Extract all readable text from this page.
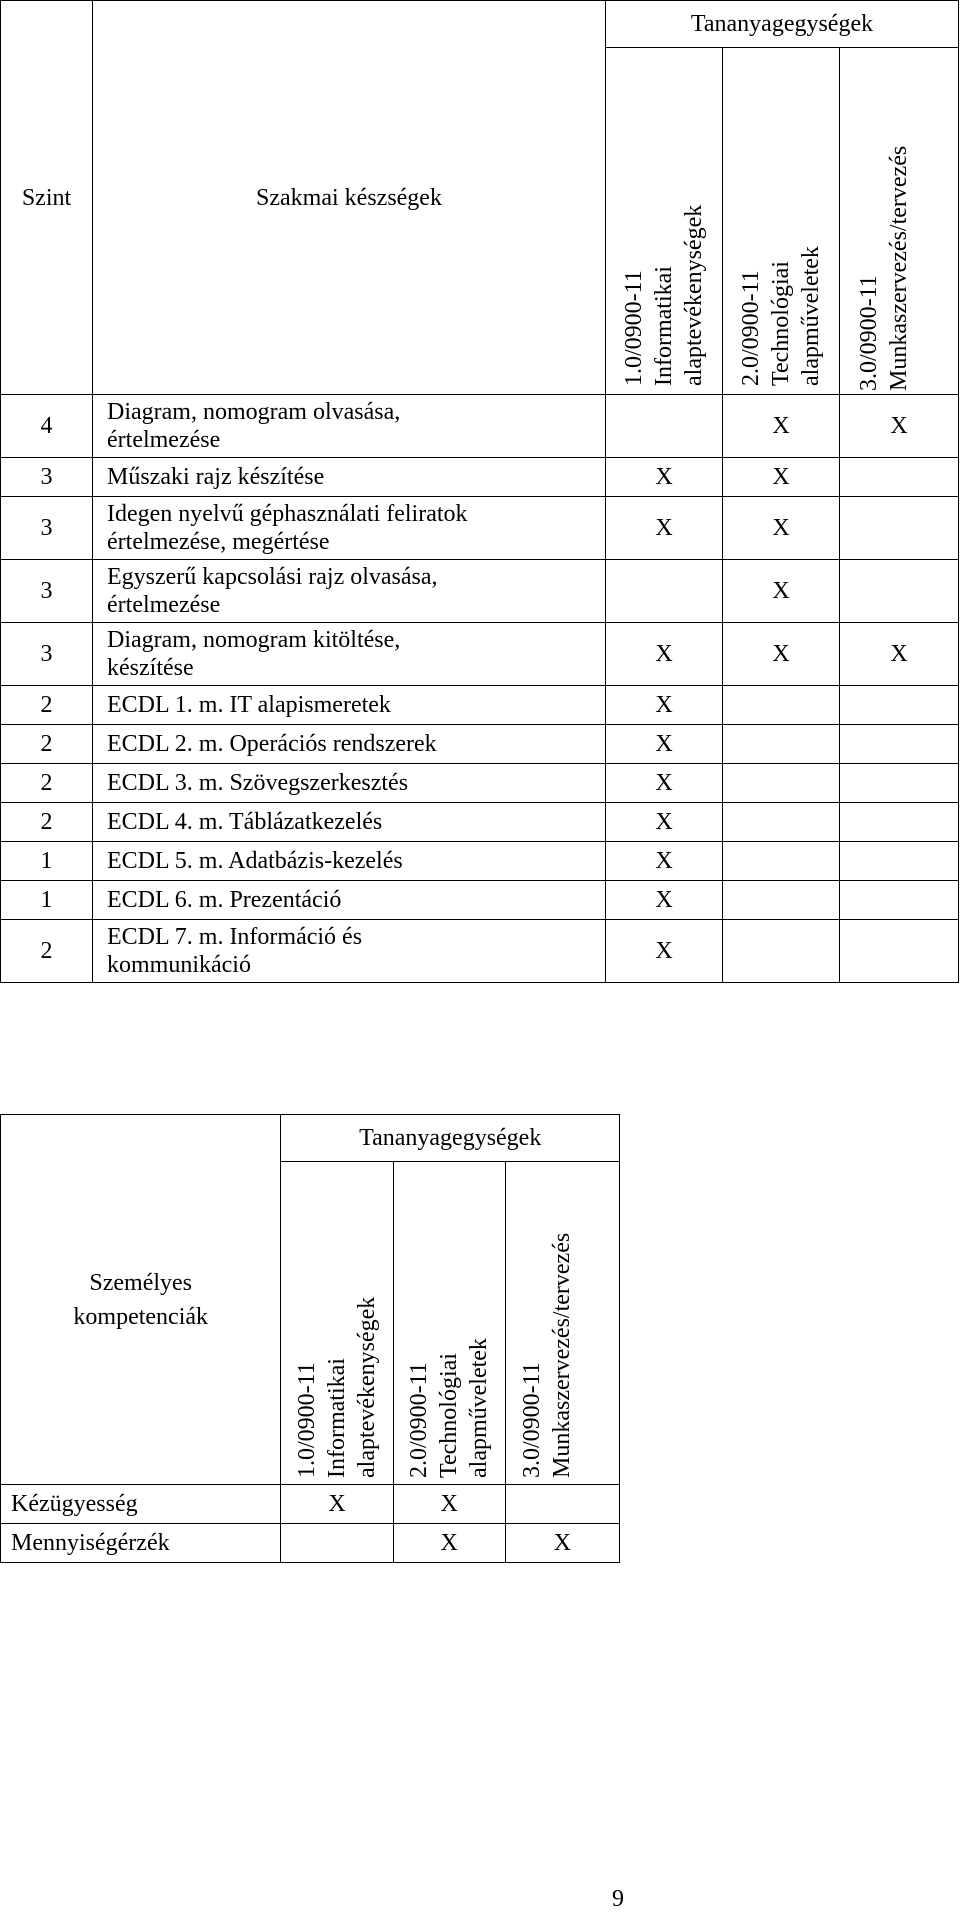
Szint	Szakmai készségek	Tananyagegységek		

		1.0/0900-11 Informatikai alaptevékenységek	2.0/0900-11 Technológiai alapműveletek	3.0/0900-11 Munkaszervezés/tervezés

4	Diagram, nomogram olvasása,
értelmezése		X	X
3	Műszaki rajz készítése	X	X	
3	Idegen nyelvű géphasználati feliratok
értelmezése, megértése	X	X	
3	Egyszerű kapcsolási rajz olvasása,
értelmezése		X	
3	Diagram, nomogram kitöltése,
készítése	X	X	X
2	ECDL 1. m. IT alapismeretek	X		
2	ECDL 2. m. Operációs rendszerek	X		
2	ECDL 3. m. Szövegszerkesztés	X		
2	ECDL 4. m. Táblázatkezelés	X		
1	ECDL 5. m. Adatbázis-kezelés	X		
1	ECDL 6. m. Prezentáció	X		
2	ECDL 7. m. Információ és
kommunikáció	X		
Személyes
kompetenciák	Tananyagegységek		

	1.0/0900-11 Informatikai alaptevékenységek	2.0/0900-11 Technológiai alapműveletek	3.0/0900-11 Munkaszervezés/tervezés

Kézügyesség	X	X	
Mennyiségérzék		X	X
9
